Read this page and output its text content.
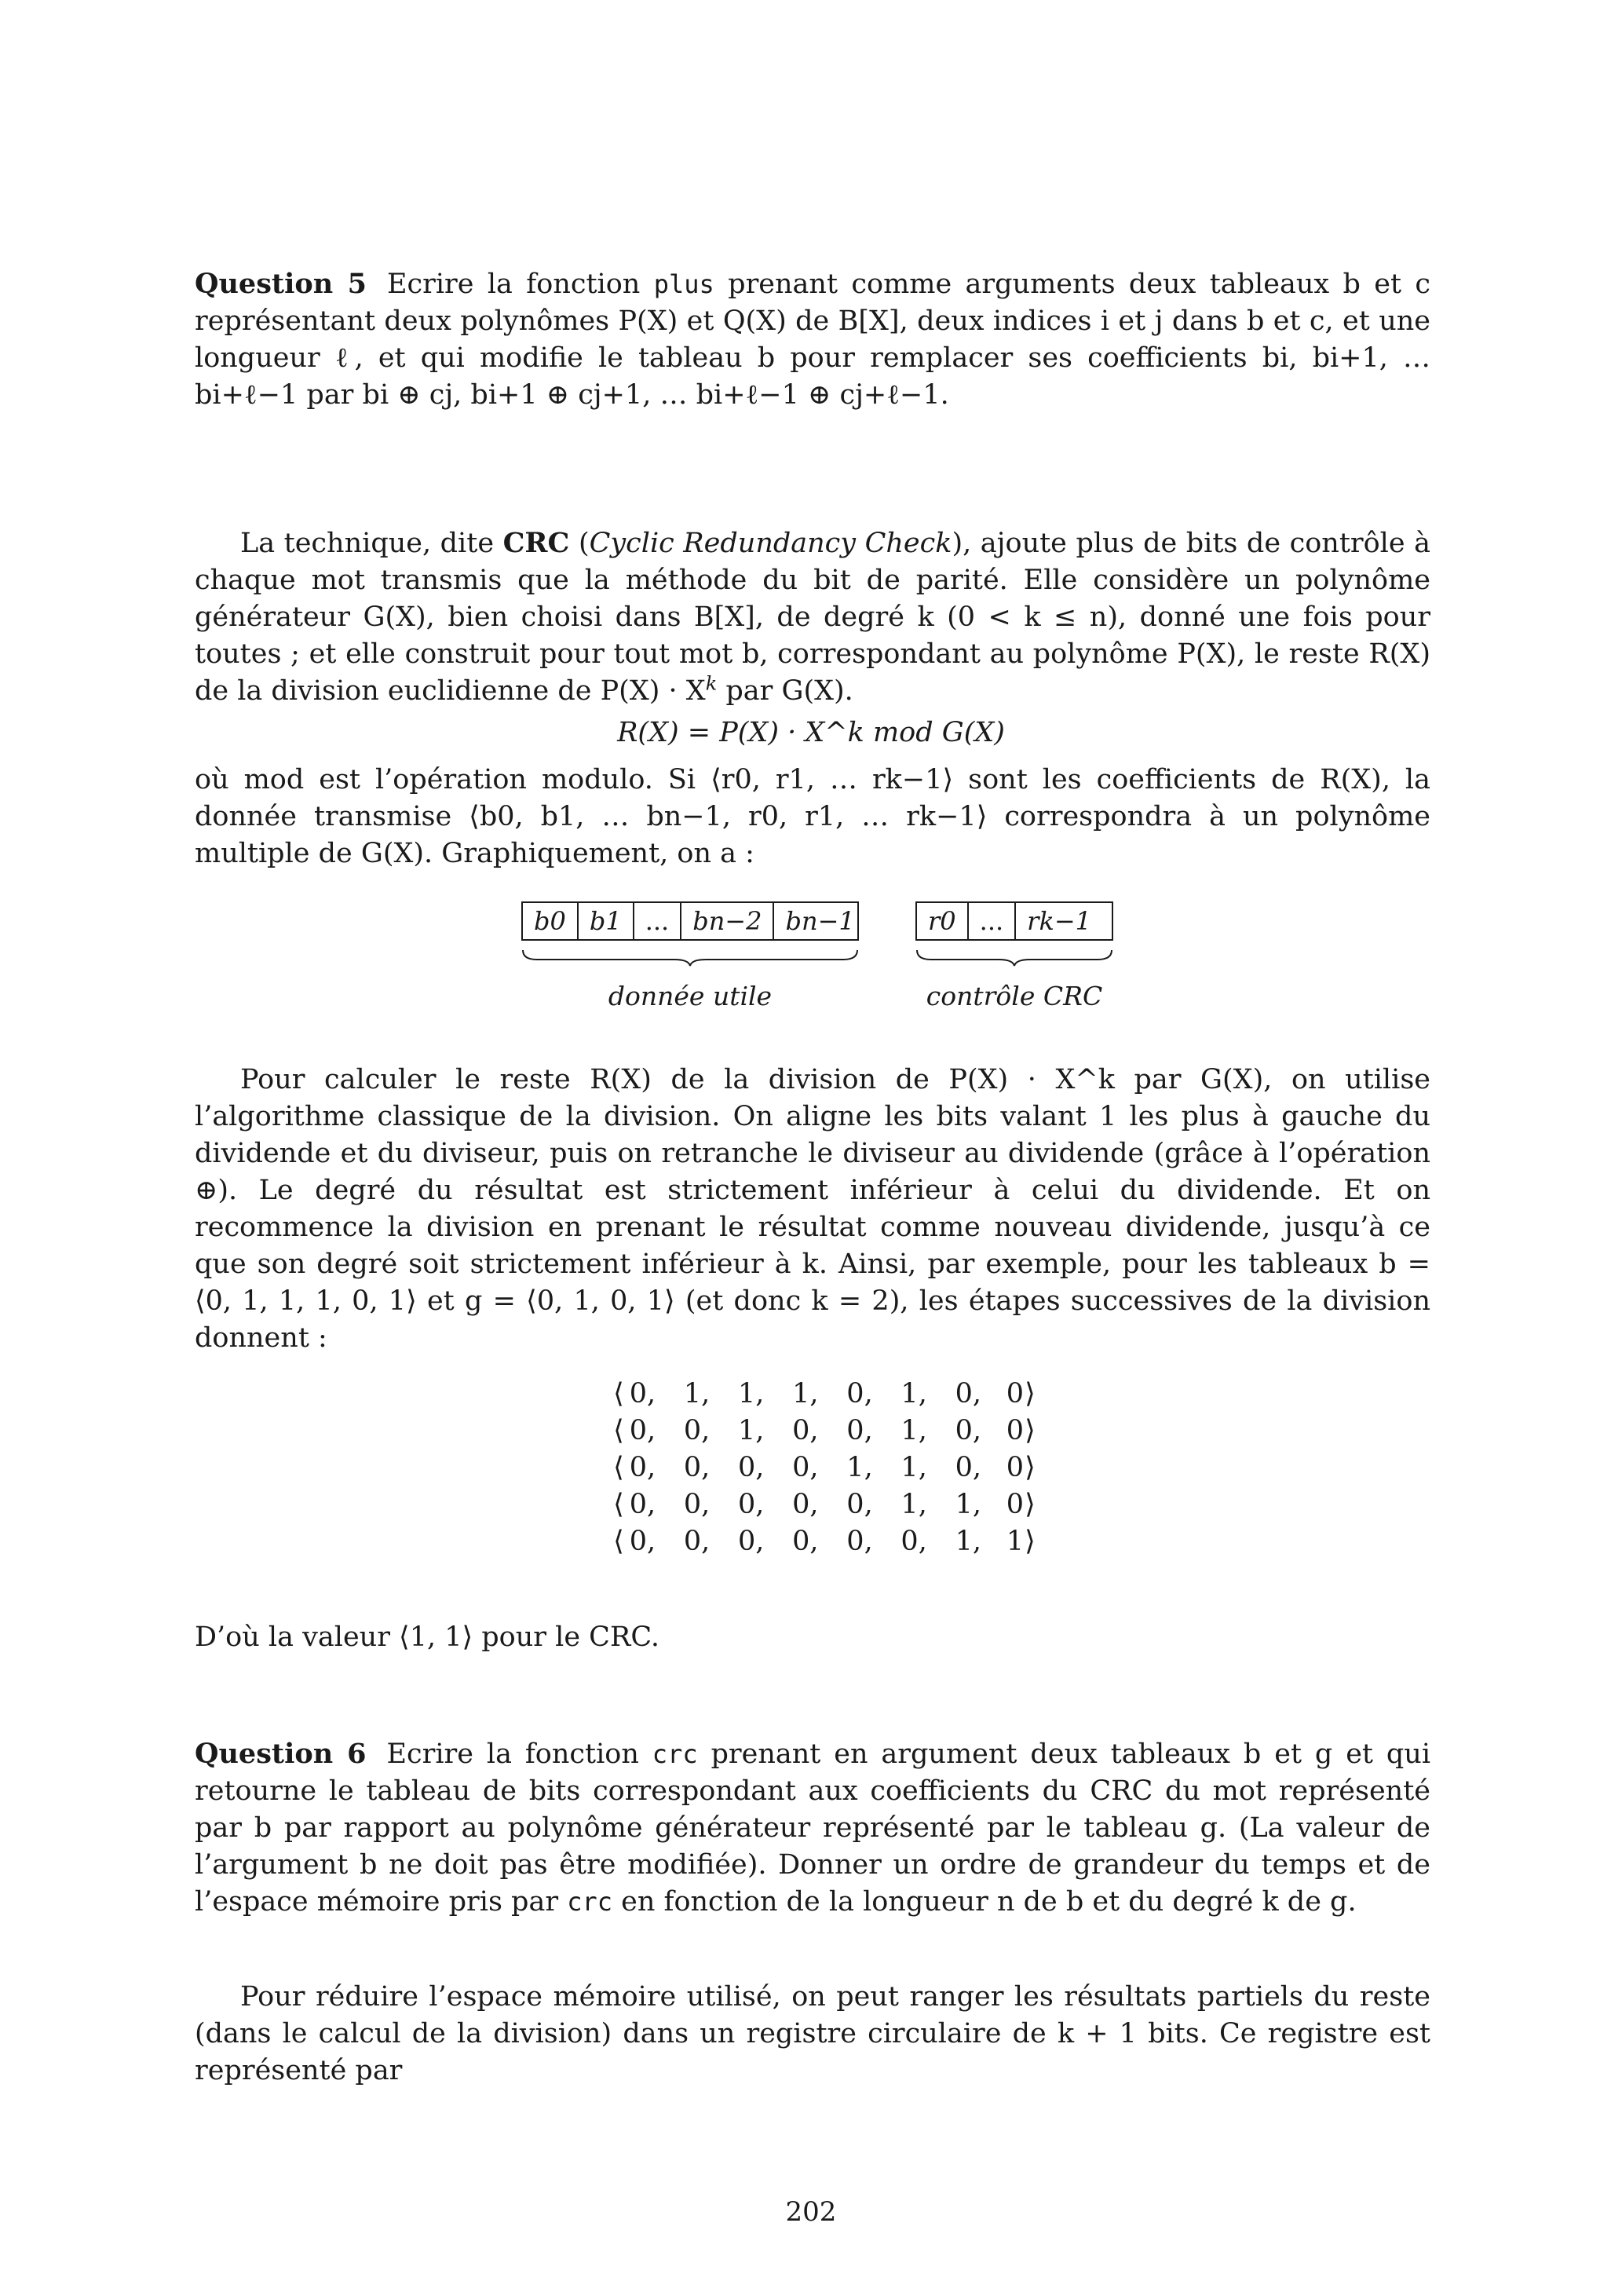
Question 5 Ecrire la fonction plus prenant comme arguments deux tableaux b et c représentant deux polynômes P(X) et Q(X) de B[X], deux indices i et j dans b et c, et une longueur ℓ, et qui modifie le tableau b pour remplacer ses coefficients bi, bi+1, … bi+ℓ−1 par bi ⊕ cj, bi+1 ⊕ cj+1, … bi+ℓ−1 ⊕ cj+ℓ−1.

La technique, dite CRC (Cyclic Redundancy Check), ajoute plus de bits de contrôle à chaque mot transmis que la méthode du bit de parité. Elle considère un polynôme générateur G(X), bien choisi dans B[X], de degré k (0 < k ≤ n), donné une fois pour toutes ; et elle construit pour tout mot b, correspondant au polynôme P(X), le reste R(X) de la division euclidienne de $P(X) \cdot X^k$ par G(X).

R(X) = P(X) · X^k mod G(X)

où mod est l’opération modulo. Si ⟨r0, r1, … rk−1⟩ sont les coefficients de R(X), la donnée transmise ⟨b0, b1, … bn−1, r0, r1, … rk−1⟩ correspondra à un polynôme multiple de G(X). Graphiquement, on a :

b0 b1 ... bn−2 bn−1
donnée utile
r0 ... rk−1
contrôle CRC

Pour calculer le reste R(X) de la division de P(X) · X^k par G(X), on utilise l’algorithme classique de la division. On aligne les bits valant 1 les plus à gauche du dividende et du diviseur, puis on retranche le diviseur au dividende (grâce à l’opération ⊕). Le degré du résultat est strictement inférieur à celui du dividende. Et on recommence la division en prenant le résultat comme nouveau dividende, jusqu’à ce que son degré soit strictement inférieur à k. Ainsi, par exemple, pour les tableaux b = ⟨0, 1, 1, 1, 0, 1⟩ et g = ⟨0, 1, 0, 1⟩ (et donc k = 2), les étapes successives de la division donnent :

⟨ 0 ,	1 ,	1 ,	1 ,	0 ,	1 ,	0 , 0 ⟩
⟨ 0 ,	0 ,	1 ,	0 ,	0 ,	1 ,	0 , 0 ⟩
⟨ 0 ,	0 ,	0 ,	0 ,	1 ,	1 ,	0 , 0 ⟩
⟨ 0 ,	0 ,	0 ,	0 ,	0 ,	1 ,	1 , 0 ⟩
⟨ 0 ,	0 ,	0 ,	0 ,	0 ,	0 ,	1 , 1 ⟩

D’où la valeur ⟨1, 1⟩ pour le CRC.

Question 6 Ecrire la fonction crc prenant en argument deux tableaux b et g et qui retourne le tableau de bits correspondant aux coefficients du CRC du mot représenté par b par rapport au polynôme générateur représenté par le tableau g. (La valeur de l’argument b ne doit pas être modifiée). Donner un ordre de grandeur du temps et de l’espace mémoire pris par crc en fonction de la longueur n de b et du degré k de g.

Pour réduire l’espace mémoire utilisé, on peut ranger les résultats partiels du reste (dans le calcul de la division) dans un registre circulaire de k + 1 bits. Ce registre est représenté par

202
